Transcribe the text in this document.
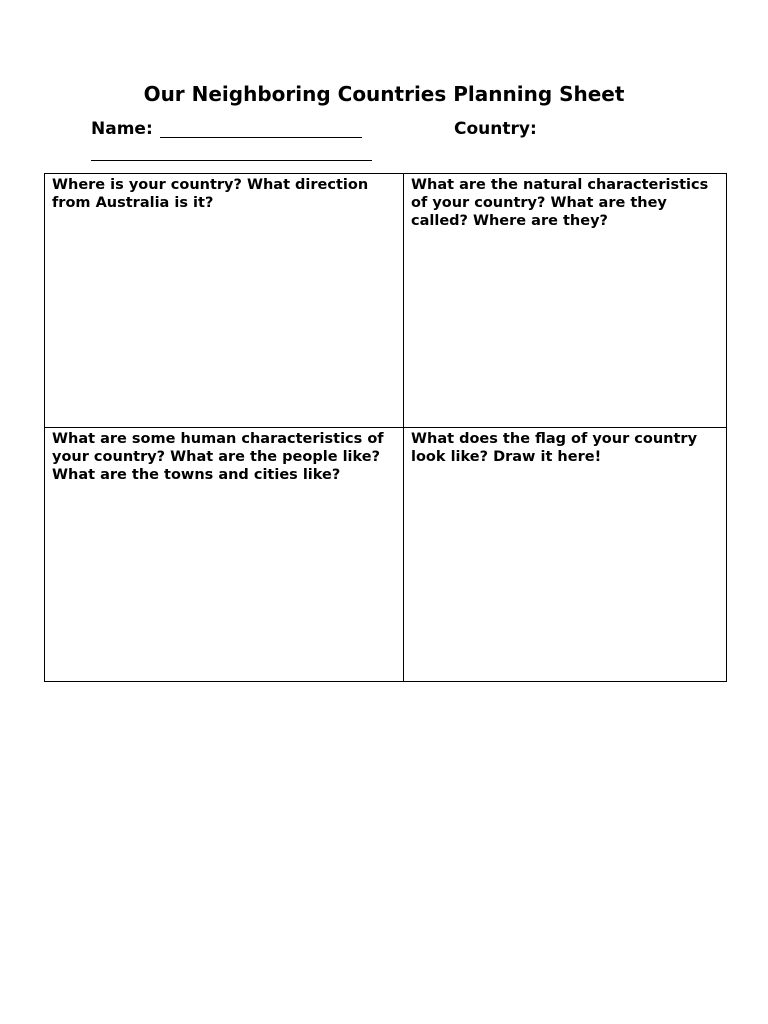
Our Neighboring Countries Planning Sheet
Name:	Country:
Where is your country? What direction from Australia is it?	What are the natural characteristics of your country? What are they called? Where are they?

What are some human characteristics of your country? What are the people like? What are the towns and cities like?	What does the flag of your country look like? Draw it here!
